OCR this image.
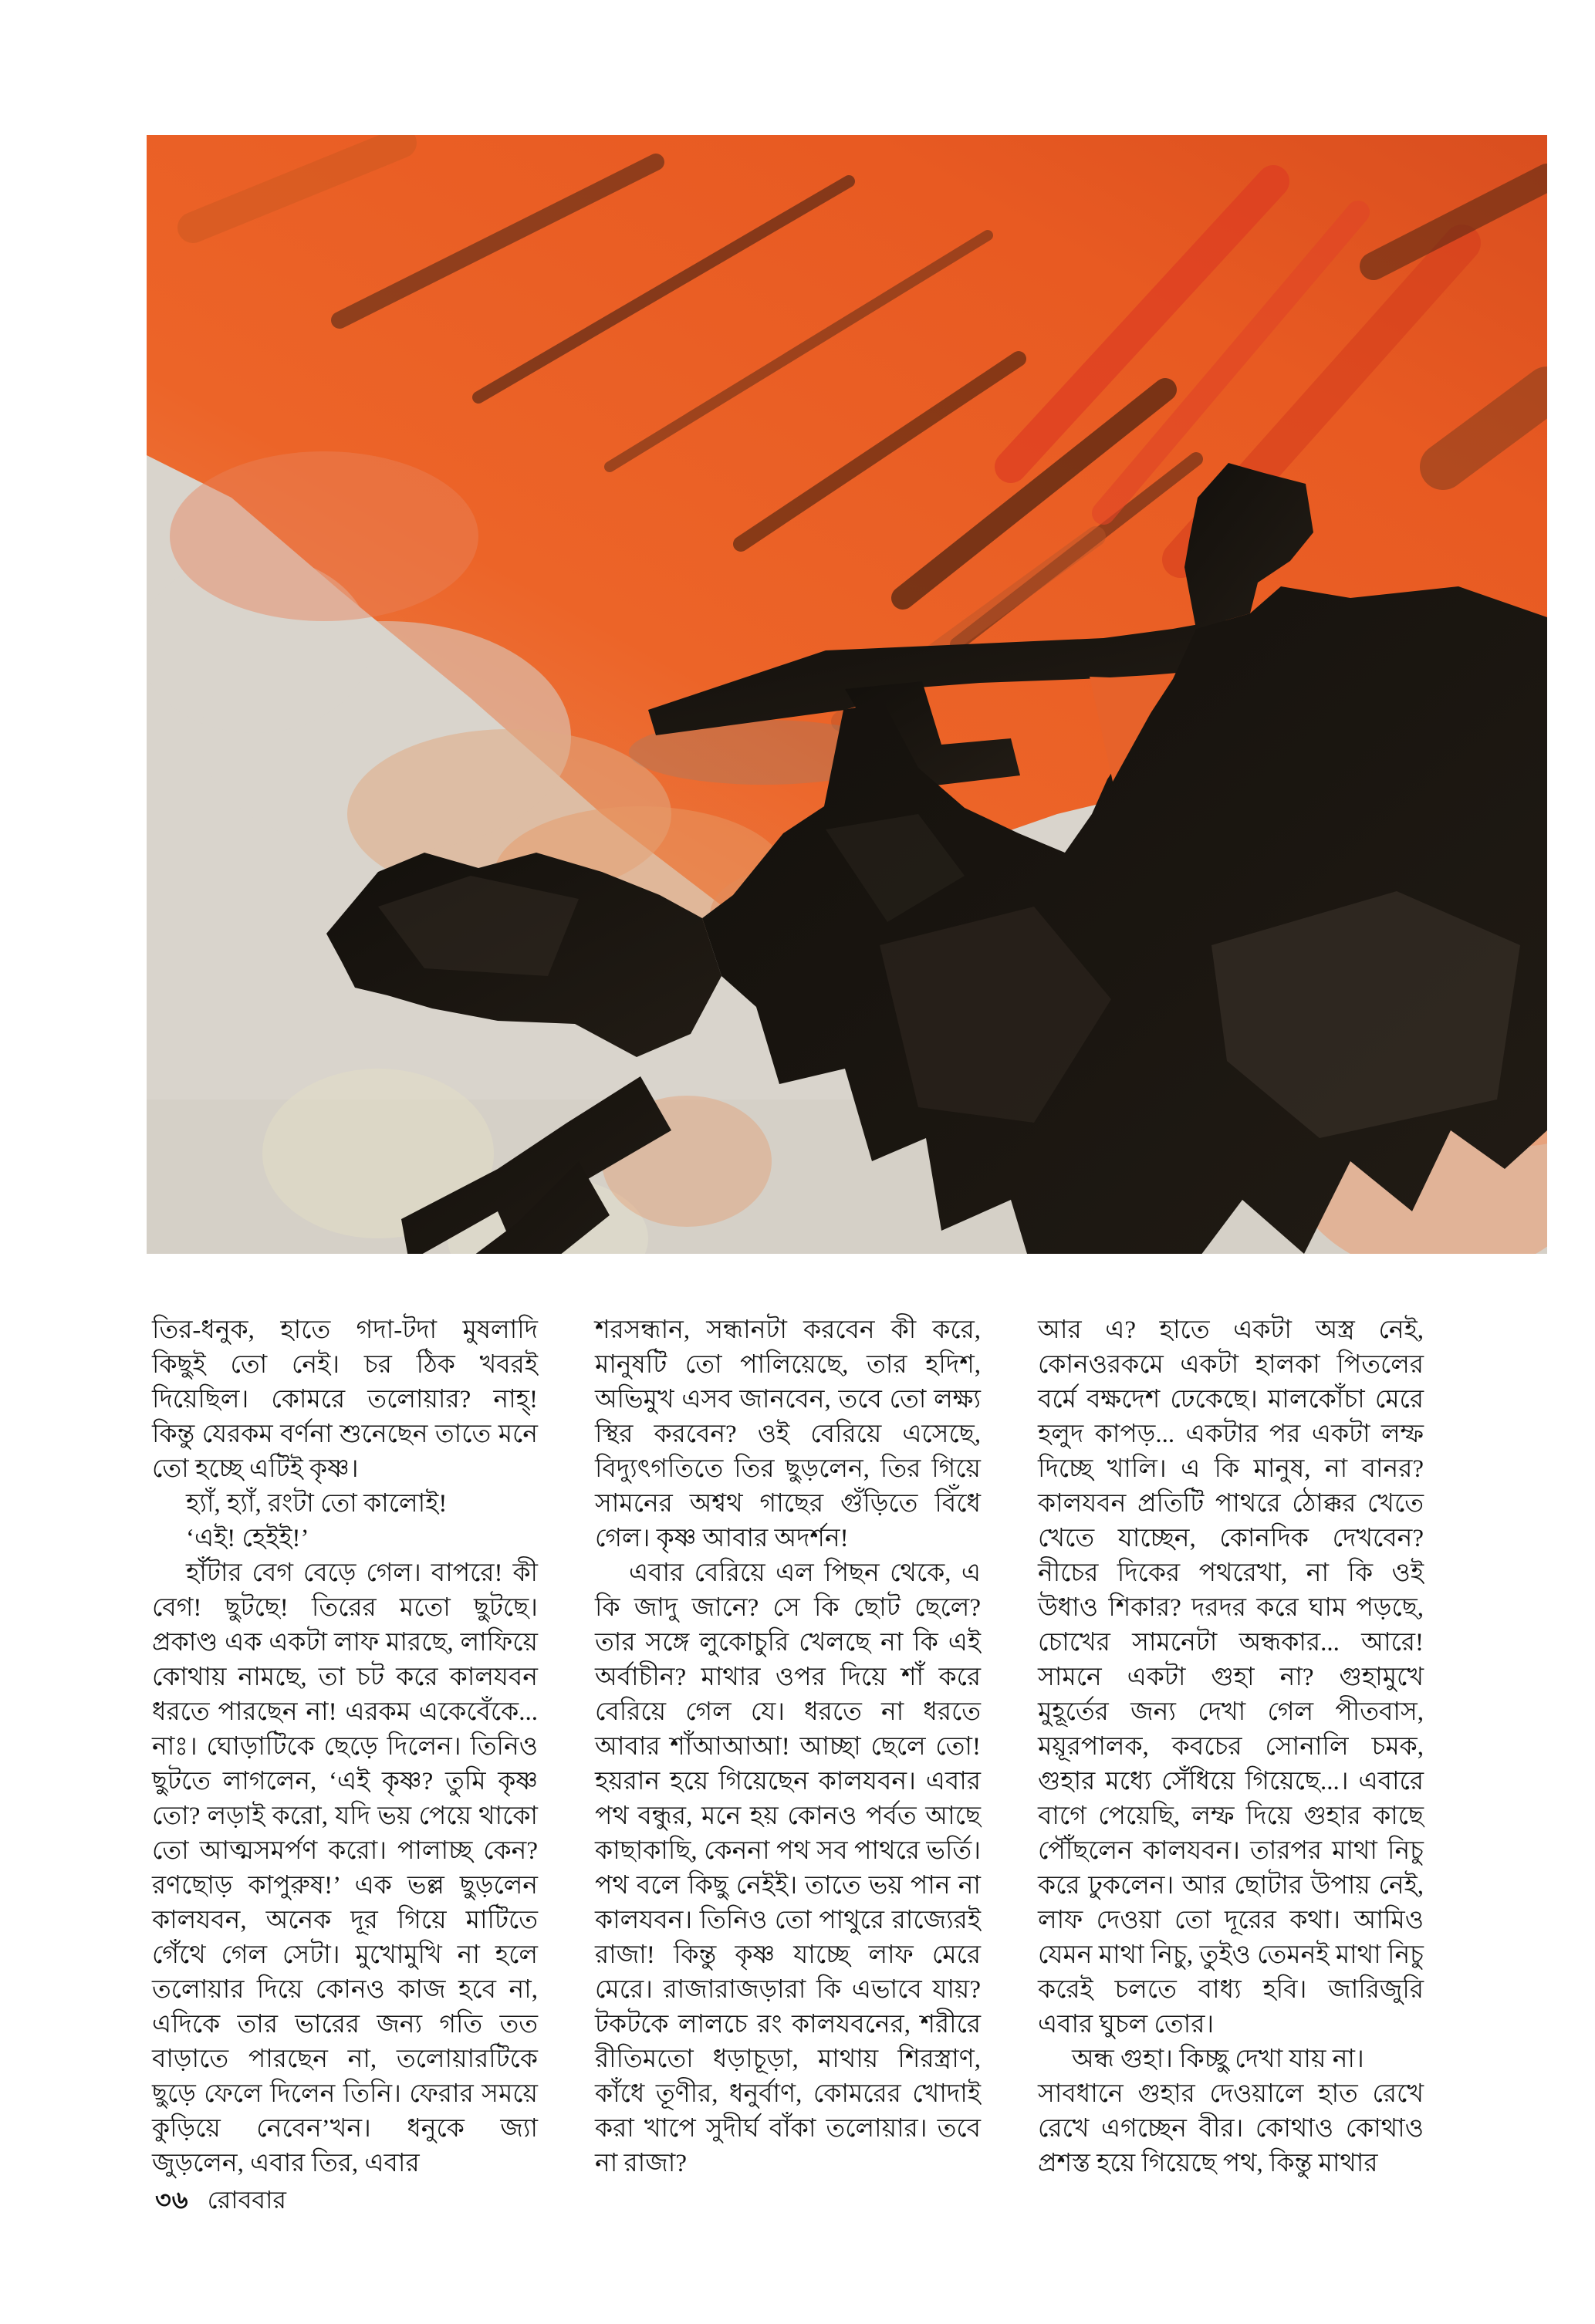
তির-ধনুক, হাতে গদা-টদা মুষলাদি কিছুই তো নেই। চর ঠিক খবরই দিয়েছিল। কোমরে তলোয়ার? নাহ্‌! কিন্তু যেরকম বর্ণনা শুনেছেন তাতে মনে তো হচ্ছে এটিই কৃষ্ণ।

হ্যাঁ, হ্যাঁ, রংটা তো কালোই!

‘এই! হেইই!’

হাঁটার বেগ বেড়ে গেল। বাপরে! কী বেগ! ছুটছে! তিরের মতো ছুটছে। প্রকাণ্ড এক একটা লাফ মারছে, লাফিয়ে কোথায় নামছে, তা চট করে কালযবন ধরতে পারছেন না! এরকম একেবেঁকে... নাঃ। ঘোড়াটিকে ছেড়ে দিলেন। তিনিও ছুটতে লাগলেন, ‘এই কৃষ্ণ? তুমি কৃষ্ণ তো? লড়াই করো, যদি ভয় পেয়ে থাকো তো আত্মসমর্পণ করো। পালাচ্ছ কেন? রণছোড় কাপুরুষ!’ এক ভল্ল ছুড়লেন কালযবন, অনেক দূর গিয়ে মাটিতে গেঁথে গেল সেটা। মুখোমুখি না হলে তলোয়ার দিয়ে কোনও কাজ হবে না, এদিকে তার ভারের জন্য গতি তত বাড়াতে পারছেন না, তলোয়ারটিকে ছুড়ে ফেলে দিলেন তিনি। ফেরার সময়ে কুড়িয়ে নেবেন’খন। ধনুকে জ্যা জুড়লেন, এবার তির, এবার

শরসন্ধান, সন্ধানটা করবেন কী করে, মানুষটি তো পালিয়েছে, তার হদিশ, অভিমুখ এসব জানবেন, তবে তো লক্ষ্য স্থির করবেন? ওই বেরিয়ে এসেছে, বিদ্যুৎগতিতে তির ছুড়লেন, তির গিয়ে সামনের অশ্বথ গাছের গুঁড়িতে বিঁধে গেল। কৃষ্ণ আবার অদর্শন!

এবার বেরিয়ে এল পিছন থেকে, এ কি জাদু জানে? সে কি ছোট ছেলে? তার সঙ্গে লুকোচুরি খেলছে না কি এই অর্বাচীন? মাথার ওপর দিয়ে শাঁ করে বেরিয়ে গেল যে। ধরতে না ধরতে আবার শাঁআআআ! আচ্ছা ছেলে তো! হয়রান হয়ে গিয়েছেন কালযবন। এবার পথ বন্ধুর, মনে হয় কোনও পর্বত আছে কাছাকাছি, কেননা পথ সব পাথরে ভর্তি। পথ বলে কিছু নেইই। তাতে ভয় পান না কালযবন। তিনিও তো পাথুরে রাজ্যেরই রাজা! কিন্তু কৃষ্ণ যাচ্ছে লাফ মেরে মেরে। রাজারাজড়ারা কি এভাবে যায়? টকটকে লালচে রং কালযবনের, শরীরে রীতিমতো ধড়াচূড়া, মাথায় শিরস্ত্রাণ, কাঁধে তূণীর, ধনুর্বাণ, কোমরের খোদাই করা খাপে সুদীর্ঘ বাঁকা তলোয়ার। তবে না রাজা?

আর এ? হাতে একটা অস্ত্র নেই, কোনওরকমে একটা হালকা পিতলের বর্মে বক্ষদেশ ঢেকেছে। মালকোঁচা মেরে হলুদ কাপড়... একটার পর একটা লম্ফ দিচ্ছে খালি। এ কি মানুষ, না বানর? কালযবন প্রতিটি পাথরে ঠোক্কর খেতে খেতে যাচ্ছেন, কোনদিক দেখবেন? নীচের দিকের পথরেখা, না কি ওই উধাও শিকার? দরদর করে ঘাম পড়ছে, চোখের সামনেটা অন্ধকার... আরে! সামনে একটা গুহা না? গুহামুখে মুহূর্তের জন্য দেখা গেল পীতবাস, ময়ূরপালক, কবচের সোনালি চমক, গুহার মধ্যে সেঁধিয়ে গিয়েছে...। এবারে বাগে পেয়েছি, লম্ফ দিয়ে গুহার কাছে পৌঁছলেন কালযবন। তারপর মাথা নিচু করে ঢুকলেন। আর ছোটার উপায় নেই, লাফ দেওয়া তো দূরের কথা। আমিও যেমন মাথা নিচু, তুইও তেমনই মাথা নিচু করেই চলতে বাধ্য হবি। জারিজুরি এবার ঘুচল তোর।

অন্ধ গুহা। কিচ্ছু দেখা যায় না।

সাবধানে গুহার দেওয়ালে হাত রেখে রেখে এগচ্ছেন বীর। কোথাও কোথাও প্রশস্ত হয়ে গিয়েছে পথ, কিন্তু মাথার

৩৬ রোববার
